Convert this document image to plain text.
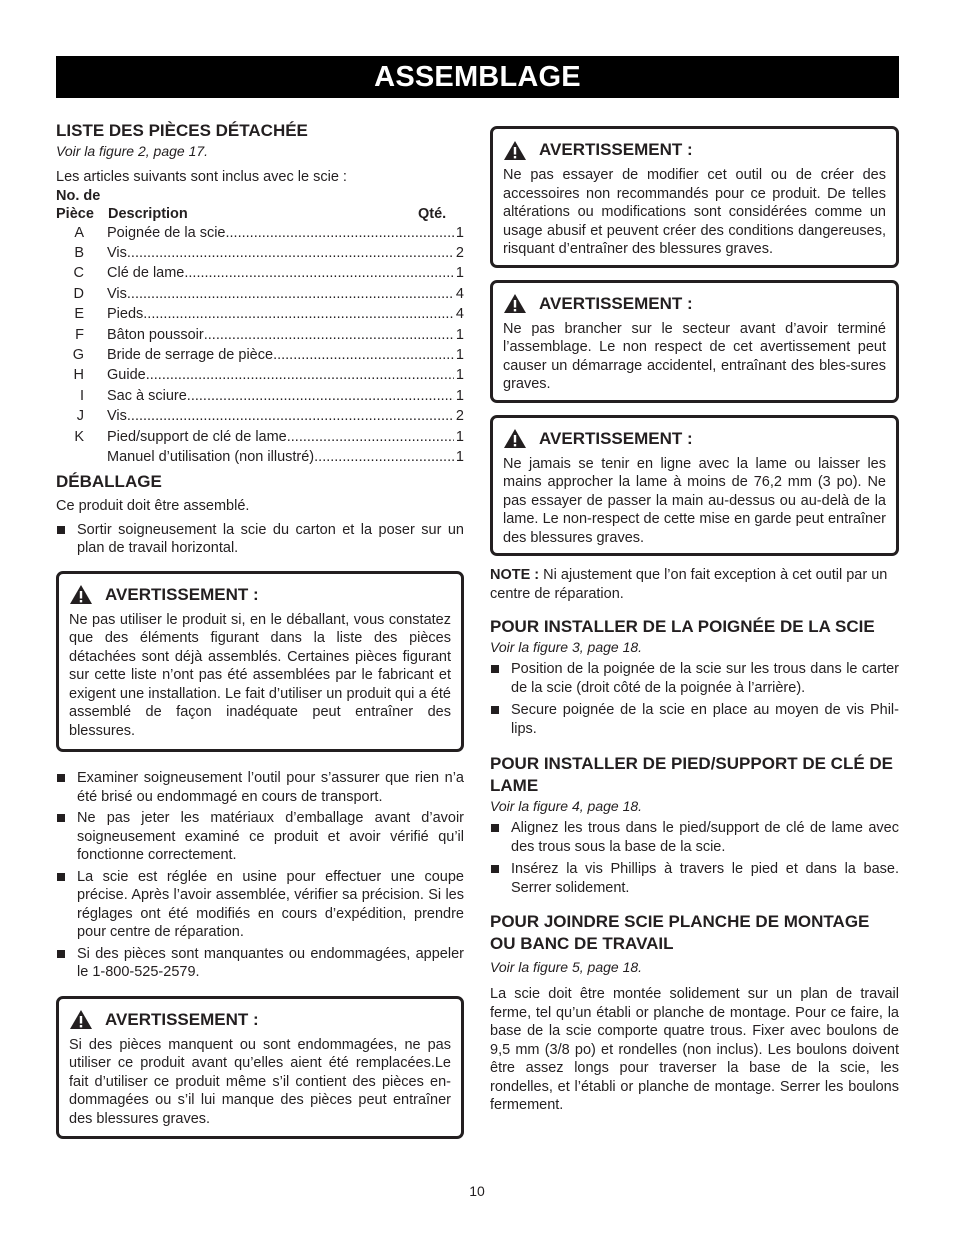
ASSEMBLAGE
LISTE DES PIÈCES DÉTACHÉE
Voir la figure 2, page 17.

Les articles suivants sont inclus avec le scie :

No. de
Pièce Description	Qté.
A	Poignée de la scie .....	1
B	Vis .....	2
C	Clé de lame .....	1
D	Vis .....	4
E	Pieds .....	4
F	Bâton poussoir .....	1
G	Bride de serrage de pièce .....	1
H	Guide .....	1
I	Sac à sciure .....	1
J	Vis .....	2
K	Pied/support de clé de lame .....	1
Manuel d’utilisation (non illustré) .....	1
DÉBALLAGE

Ce produit doit être assemblé.

Sortir soigneusement la scie du carton et la poser sur un plan de travail horizontal.
AVERTISSEMENT :

Ne pas utiliser le produit si, en le déballant, vous constatez que des éléments figurant dans la liste des pièces détachées sont déjà assemblés. Certaines pièces figurant sur cette liste n’ont pas été assemblées par le fabricant et exigent une installation. Le fait d’utiliser un produit qui a été assemblé de façon inadéquate peut entraîner des blessures.

Examiner soigneusement l’outil pour s’assurer que rien n’a été brisé ou endommagé en cours de transport.
Ne pas jeter les matériaux d’emballage avant d’avoir soigneusement examiné ce produit et avoir vérifié qu’il fonctionne correctement.
La scie est réglée en usine pour effectuer une coupe précise. Après l’avoir assemblée, vérifier sa précision. Si les réglages ont été modifiés en cours d’expédition, prendre pour centre de réparation.
Si des pièces sont manquantes ou endommagées, appeler le 1-800-525-2579.
AVERTISSEMENT :

Si des pièces manquent ou sont endommagées, ne pas utiliser ce produit avant qu’elles aient été remplacées.Le fait d’utiliser ce produit même s’il contient des pièces en-dommagées ou s’il lui manque des pièces peut entraîner des blessures graves.

AVERTISSEMENT :

Ne pas essayer de modifier cet outil ou de créer des accessoires non recommandés pour ce produit. De telles altérations ou modifications sont considérées comme un usage abusif et peuvent créer des conditions dangereuses, risquant d’entraîner des blessures graves.

AVERTISSEMENT :

Ne pas brancher sur le secteur avant d’avoir terminé l’assemblage. Le non respect de cet avertissement peut causer un démarrage accidentel, entraînant des bles-sures graves.

AVERTISSEMENT :

Ne jamais se tenir en ligne avec la lame ou laisser les mains approcher la lame à moins de 76,2 mm (3 po). Ne pas essayer de passer la main au-dessus ou au-delà de la lame. Le non-respect de cette mise en garde peut entraîner des blessures graves.

NOTE : Ni ajustement que l’on fait exception à cet outil par un centre de réparation.

POUR INSTALLER DE LA POIGNÉE DE LA SCIE
Voir la figure 3, page 18.
Position de la poignée de la scie sur les trous dans le carter de la scie (droit côté de la poignée à l’arrière).
Secure poignée de la scie en place au moyen de vis Phil-lips.
POUR INSTALLER DE PIED/SUPPORT DE CLÉ DE LAME
Voir la figure 4, page 18.
Alignez les trous dans le pied/support de clé de lame avec des trous sous la base de la scie.
Insérez la vis Phillips à travers le pied et dans la base. Serrer solidement.
POUR JOINDRE SCIE PLANCHE DE MONTAGE OU BANC DE TRAVAIL
Voir la figure 5, page 18.

La scie doit être montée solidement sur un plan de travail ferme, tel qu’un établi or planche de montage. Pour ce faire, la base de la scie comporte quatre trous. Fixer avec boulons de 9,5 mm (3/8 po) et rondelles (non inclus). Les boulons doivent être assez longs pour traverser la base de la scie, les rondelles, et l’établi or planche de montage. Serrer les boulons fermement.

10
